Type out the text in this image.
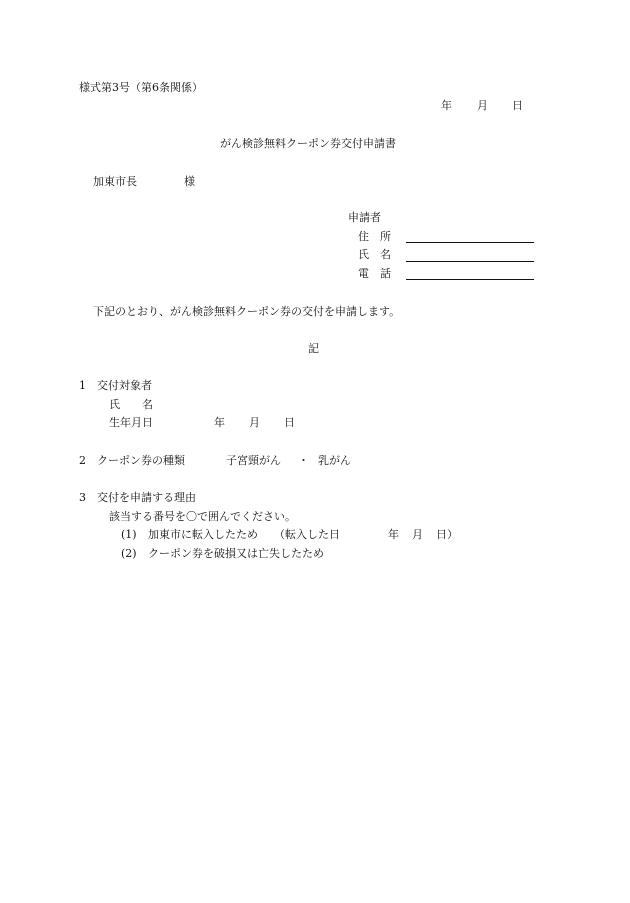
様式第3号（第6条関係）
年 月 日
がん検診無料クーポン券交付申請書
加東市長	様
申請者
住　所
氏　名
電　話
下記のとおり、がん検診無料クーポン券の交付を申請します。
記
1 交付対象者
氏　　名
生年月日	年 月 日
2 クーポン券の種類	子宮頸がん ・ 乳がん
3 交付を申請する理由
該当する番号を〇で囲んでください。
(1) 加東市に転入したため （転入した日	年 月 日）
(2) クーポン券を破損又は亡失したため
